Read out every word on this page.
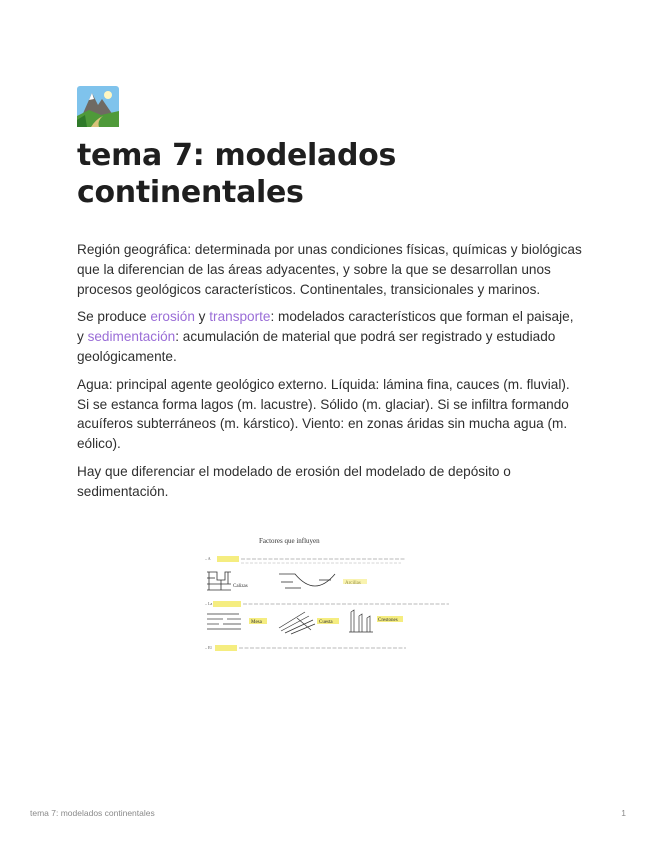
tema 7: modelados continentales

Región geográfica: determinada por unas condiciones físicas, químicas y biológicas que la diferencian de las áreas adyacentes, y sobre la que se desarrollan unos procesos geológicos característicos. Continentales, transicionales y marinos.

Se produce erosión y transporte: modelados característicos que forman el paisaje, y sedimentación: acumulación de material que podrá ser registrado y estudiado geológicamente.

Agua: principal agente geológico externo. Líquida: lámina fina, cauces (m. fluvial). Si se estanca forma lagos (m. lacustre). Sólido (m. glaciar). Si se infiltra formando acuíferos subterráneos (m. kárstico). Viento: en zonas áridas sin mucha agua (m. eólico).

Hay que diferenciar el modelado de erosión del modelado de depósito o sedimentación.

Factores que influyen
– A
Calizas
– La
Mesa	Cuesta	Crestones
– El
tema 7: modelados continentales	1
